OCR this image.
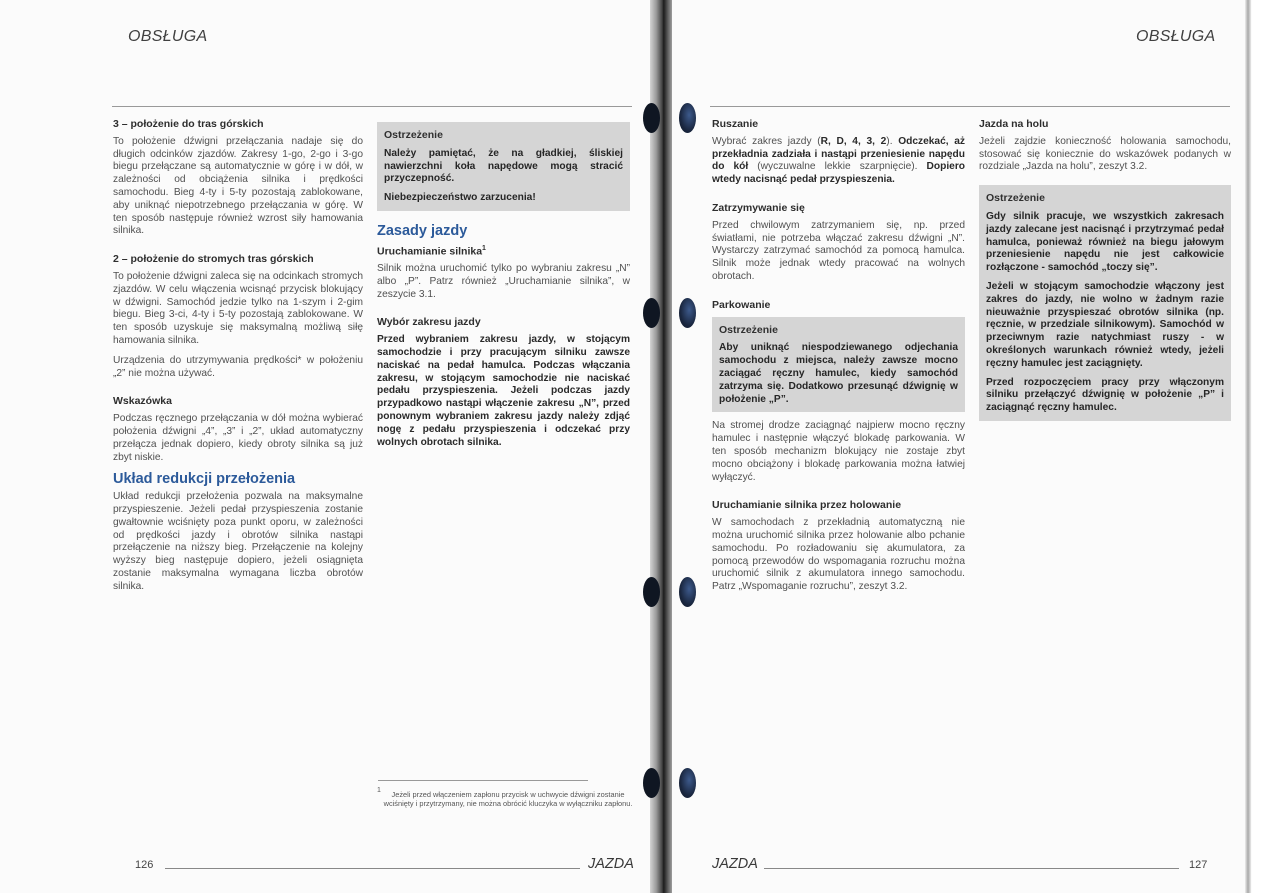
OBSŁUGA
3 – położenie do tras górskich

To położenie dźwigni przełączania nadaje się do długich odcinków zjazdów. Zakresy 1-go, 2-go i 3-go biegu przełączane są automatycznie w górę i w dół, w zależności od obciążenia silnika i prędkości samochodu. Bieg 4-ty i 5-ty pozostają zablokowane, aby uniknąć niepotrzebnego przełączania w górę. W ten sposób następuje również wzrost siły hamowania silnika.

2 – położenie do stromych tras górskich

To położenie dźwigni zaleca się na odcinkach stromych zjazdów. W celu włączenia wcisnąć przycisk blokujący w dźwigni. Samochód jedzie tylko na 1-szym i 2-gim biegu. Bieg 3-ci, 4-ty i 5-ty pozostają zablokowane. W ten sposób uzyskuje się maksymalną możliwą siłę hamowania silnika.

Urządzenia do utrzymywania prędkości* w położeniu „2” nie można używać.

Wskazówka

Podczas ręcznego przełączania w dół można wybierać położenia dźwigni „4”, „3” i „2”, układ automatyczny przełącza jednak dopiero, kiedy obroty silnika są już zbyt niskie.

Układ redukcji przełożenia

Układ redukcji przełożenia pozwala na maksymalne przyspieszenie. Jeżeli pedał przyspieszenia zostanie gwałtownie wciśnięty poza punkt oporu, w zależności od prędkości jazdy i obrotów silnika nastąpi przełączenie na niższy bieg. Przełączenie na kolejny wyższy bieg następuje dopiero, jeżeli osiągnięta zostanie maksymalna wymagana liczba obrotów silnika.

Ostrzeżenie

Należy pamiętać, że na gładkiej, śliskiej nawierzchni koła napędowe mogą stracić przyczepność.

Niebezpieczeństwo zarzucenia!

Zasady jazdy
Uruchamianie silnika$^1$

Silnik można uruchomić tylko po wybraniu zakresu „N” albo „P”. Patrz również „Uruchamianie silnika”, w zeszycie 3.1.

Wybór zakresu jazdy

Przed wybraniem zakresu jazdy, w stojącym samochodzie i przy pracującym silniku zawsze naciskać na pedał hamulca. Podczas włączania zakresu, w stojącym samochodzie nie naciskać pedału przyspieszenia. Jeżeli podczas jazdy przypadkowo nastąpi włączenie zakresu „N”, przed ponownym wybraniem zakresu jazdy należy zdjąć nogę z pedału przyspieszenia i odczekać przy wolnych obrotach silnika.

1 Jeżeli przed włączeniem zapłonu przycisk w uchwycie dźwigni zostanie wciśnięty i przytrzymany, nie można obrócić kluczyka w wyłączniku zapłonu.
126	JAZDA
OBSŁUGA
Ruszanie

Wybrać zakres jazdy (R, D, 4, 3, 2). Odczekać, aż przekładnia zadziała i nastąpi przeniesienie napędu do kół (wyczuwalne lekkie szarpnięcie). Dopiero wtedy nacisnąć pedał przyspieszenia.

Zatrzymywanie się

Przed chwilowym zatrzymaniem się, np. przed światłami, nie potrzeba włączać zakresu dźwigni „N”. Wystarczy zatrzymać samochód za pomocą hamulca. Silnik może jednak wtedy pracować na wolnych obrotach.

Parkowanie
Ostrzeżenie

Aby uniknąć niespodziewanego odjechania samochodu z miejsca, należy zawsze mocno zaciągać ręczny hamulec, kiedy samochód zatrzyma się. Dodatkowo przesunąć dźwignię w położenie „P”.

Na stromej drodze zaciągnąć najpierw mocno ręczny hamulec i następnie włączyć blokadę parkowania. W ten sposób mechanizm blokujący nie zostaje zbyt mocno obciążony i blokadę parkowania można łatwiej wyłączyć.

Uruchamianie silnika przez holowanie

W samochodach z przekładnią automatyczną nie można uruchomić silnika przez holowanie albo pchanie samochodu. Po rozładowaniu się akumulatora, za pomocą przewodów do wspomagania rozruchu można uruchomić silnik z akumulatora innego samochodu. Patrz „Wspomaganie rozruchu”, zeszyt 3.2.

Jazda na holu

Jeżeli zajdzie konieczność holowania samochodu, stosować się koniecznie do wskazówek podanych w rozdziale „Jazda na holu”, zeszyt 3.2.

Ostrzeżenie

Gdy silnik pracuje, we wszystkich zakresach jazdy zalecane jest nacisnąć i przytrzymać pedał hamulca, ponieważ również na biegu jałowym przeniesienie napędu nie jest całkowicie rozłączone - samochód „toczy się”.

Jeżeli w stojącym samochodzie włączony jest zakres do jazdy, nie wolno w żadnym razie nieuważnie przyspieszać obrotów silnika (np. ręcznie, w przedziale silnikowym). Samochód w przeciwnym razie natychmiast ruszy - w określonych warunkach również wtedy, jeżeli ręczny hamulec jest zaciągnięty.

Przed rozpoczęciem pracy przy włączonym silniku przełączyć dźwignię w położenie „P” i zaciągnąć ręczny hamulec.

JAZDA	127
